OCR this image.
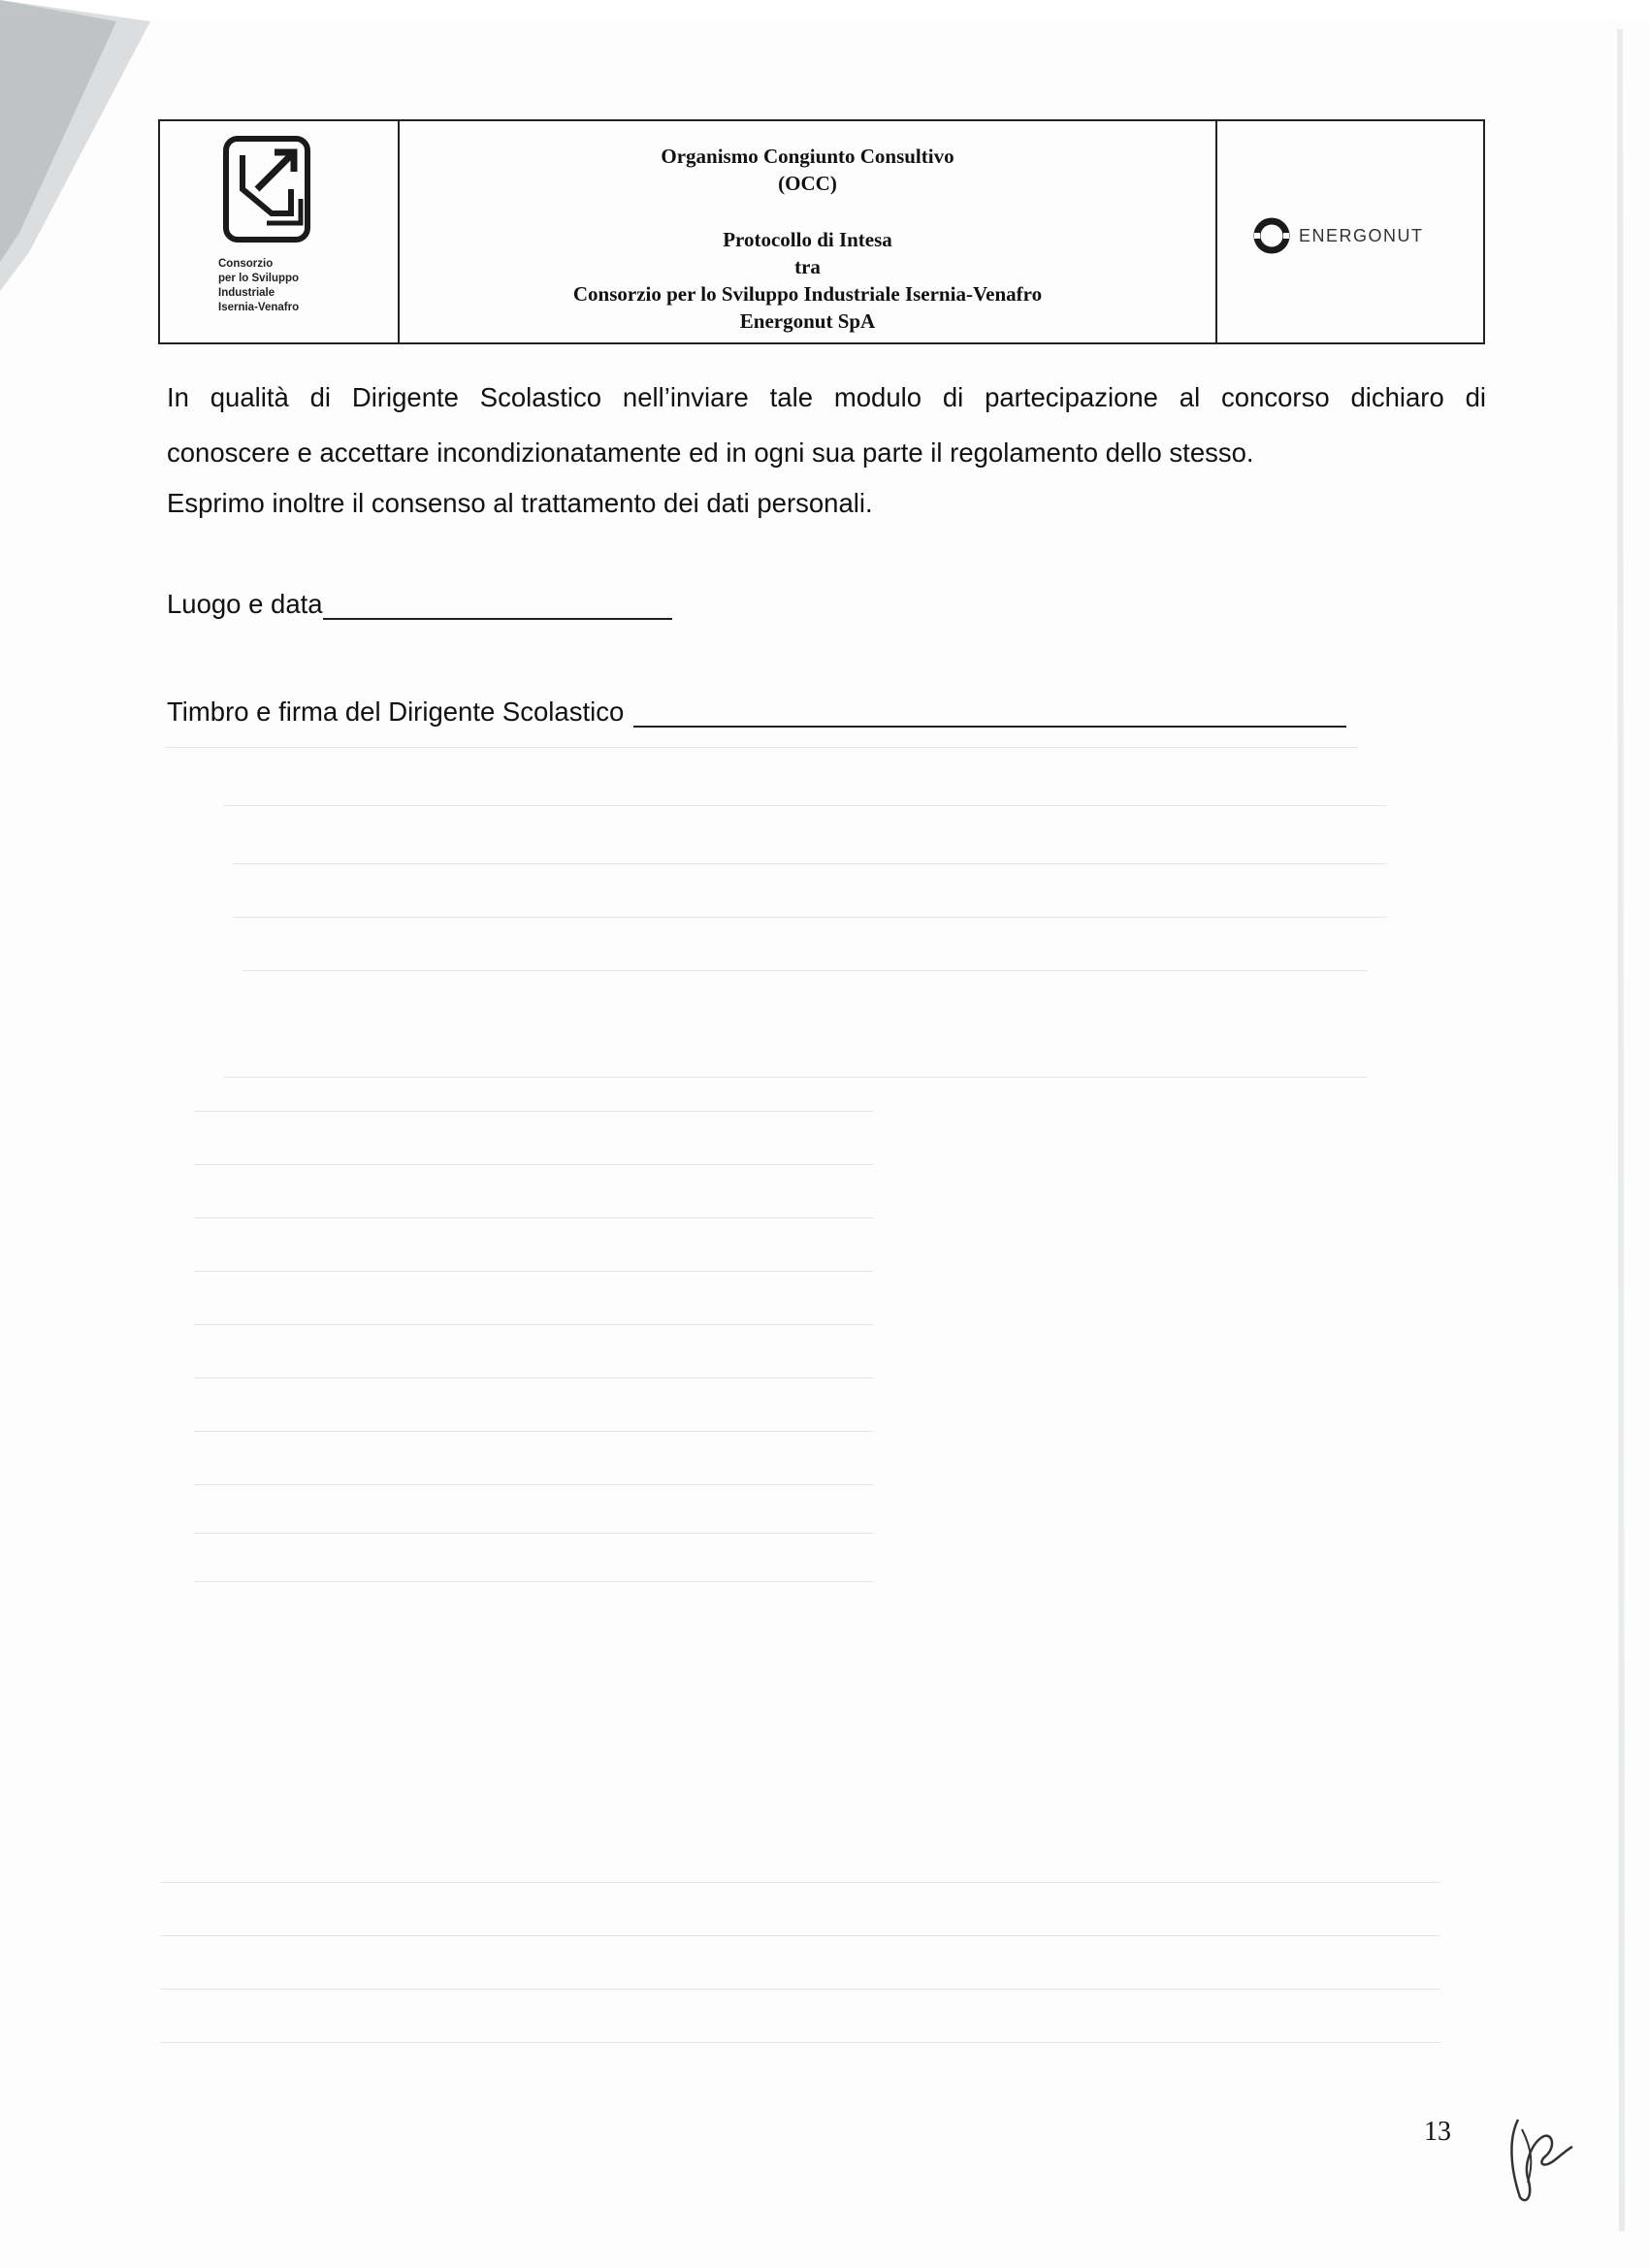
Consorzio
per lo Sviluppo
Industriale
Isernia-Venafro
Organismo Congiunto Consultivo
(OCC)
Protocollo di Intesa
tra
Consorzio per lo Sviluppo Industriale Isernia-Venafro
Energonut SpA
ENERGONUT
In qualità di Dirigente Scolastico nell’inviare tale modulo di partecipazione al concorso dichiaro di
conoscere e accettare incondizionatamente ed in ogni sua parte il regolamento dello stesso.
Esprimo inoltre il consenso al trattamento dei dati personali.
Luogo e data
Timbro e firma del Dirigente Scolastico
13
